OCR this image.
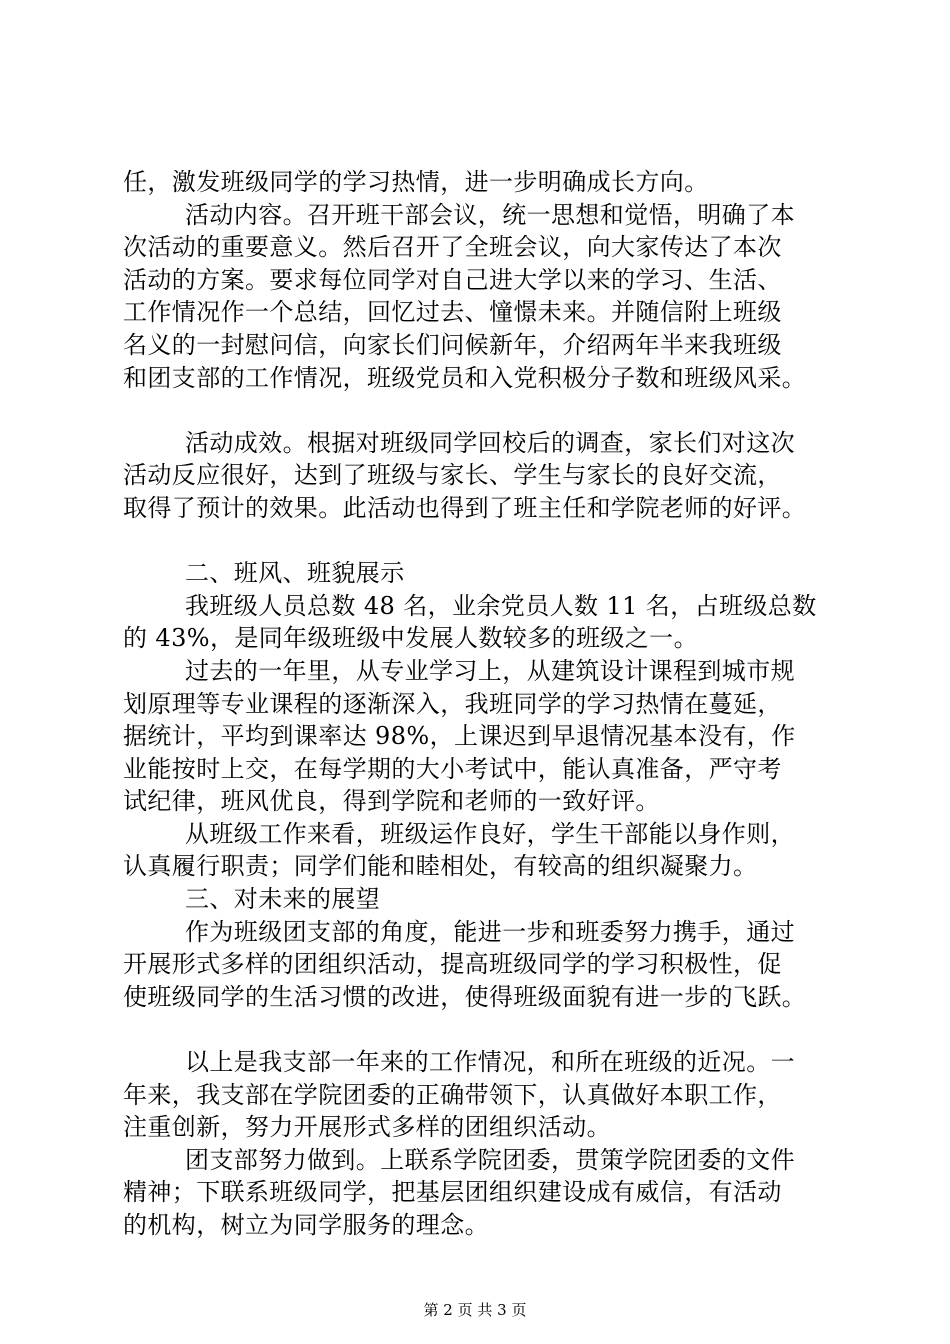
任，激发班级同学的学习热情，进一步明确成长方向。
活动内容。召开班干部会议，统一思想和觉悟，明确了本
次活动的重要意义。然后召开了全班会议，向大家传达了本次
活动的方案。要求每位同学对自己进大学以来的学习、生活、
工作情况作一个总结，回忆过去、憧憬未来。并随信附上班级
名义的一封慰问信，向家长们问候新年，介绍两年半来我班级
和团支部的工作情况，班级党员和入党积极分子数和班级风采。
活动成效。根据对班级同学回校后的调查，家长们对这次
活动反应很好，达到了班级与家长、学生与家长的良好交流，
取得了预计的效果。此活动也得到了班主任和学院老师的好评。
二、班风、班貌展示
我班级人员总数 48 名，业余党员人数 11 名，占班级总数
的 43%，是同年级班级中发展人数较多的班级之一。
过去的一年里，从专业学习上，从建筑设计课程到城市规
划原理等专业课程的逐渐深入，我班同学的学习热情在蔓延，
据统计，平均到课率达 98%，上课迟到早退情况基本没有，作
业能按时上交，在每学期的大小考试中，能认真准备，严守考
试纪律，班风优良，得到学院和老师的一致好评。
从班级工作来看，班级运作良好，学生干部能以身作则，
认真履行职责；同学们能和睦相处，有较高的组织凝聚力。
三、对未来的展望
作为班级团支部的角度，能进一步和班委努力携手，通过
开展形式多样的团组织活动，提高班级同学的学习积极性，促
使班级同学的生活习惯的改进，使得班级面貌有进一步的飞跃。
以上是我支部一年来的工作情况，和所在班级的近况。一
年来，我支部在学院团委的正确带领下，认真做好本职工作，
注重创新，努力开展形式多样的团组织活动。
团支部努力做到。上联系学院团委，贯策学院团委的文件
精神；下联系班级同学，把基层团组织建设成有威信，有活动
的机构，树立为同学服务的理念。
第 2 页 共 3 页
